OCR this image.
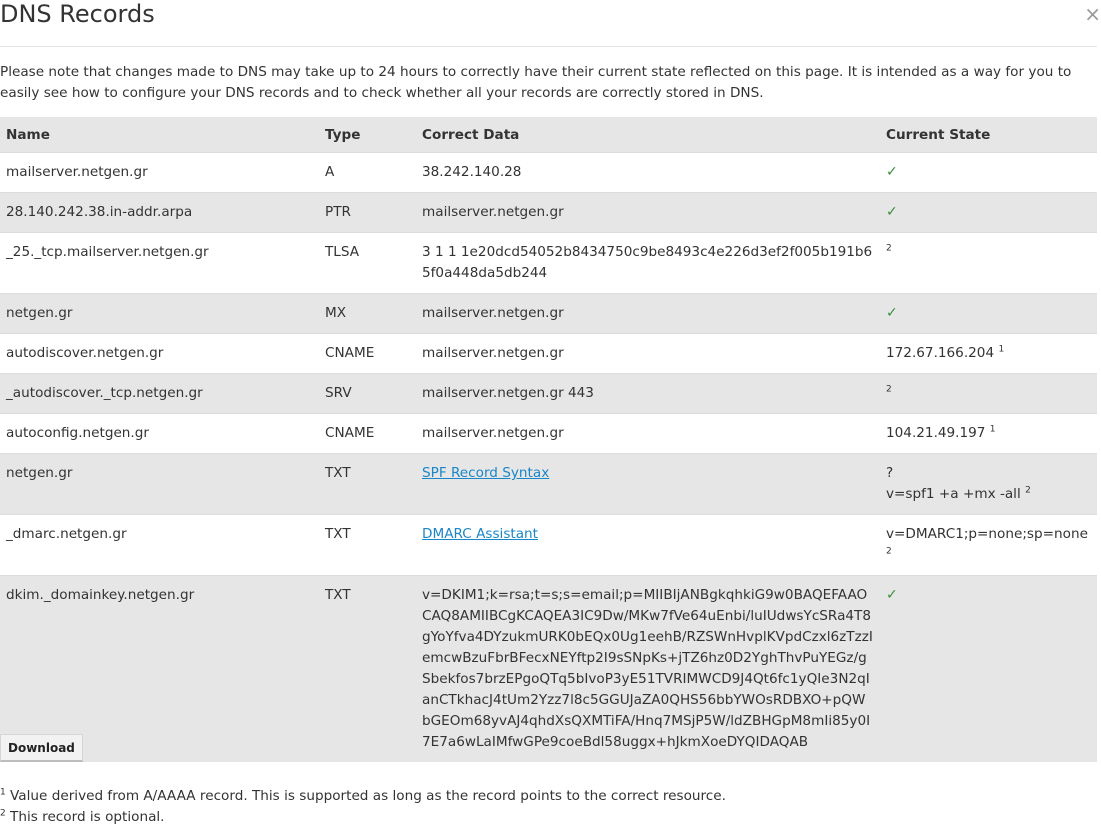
DNS Records	×
Please note that changes made to DNS may take up to 24 hours to correctly have their current state reflected on this page. It is intended as a way for you to easily see how to configure your DNS records and to check whether all your records are correctly stored in DNS.
Name	Type	Correct Data	Current State
mailserver.netgen.gr	A	38.242.140.28	✓
28.140.242.38.in-addr.arpa	PTR	mailserver.netgen.gr	✓
_25._tcp.mailserver.netgen.gr	TLSA	3 1 1 1e20dcd54052b8434750c9be8493c4e226d3ef2f005b191b65f0a448da5db244	$^2$
netgen.gr	MX	mailserver.netgen.gr	✓
autodiscover.netgen.gr	CNAME	mailserver.netgen.gr	172.67.166.204 $^1$
_autodiscover._tcp.netgen.gr	SRV	mailserver.netgen.gr 443	$^2$
autoconfig.netgen.gr	CNAME	mailserver.netgen.gr	104.21.49.197 $^1$
netgen.gr	TXT	SPF Record Syntax	?
v=spf1 +a +mx -all $^2$
_dmarc.netgen.gr	TXT	DMARC Assistant	v=DMARC1;p=none;sp=none $^2$
dkim._domainkey.netgen.gr	TXT	v=DKIM1;k=rsa;t=s;s=email;p=MIIBIjANBgkqhkiG9w0BAQEFAAOCAQ8AMIIBCgKCAQEA3IC9Dw/MKw7fVe64uEnbi/luIUdwsYcSRa4T8gYoYfva4DYzukmURK0bEQx0Ug1eehB/RZSWnHvplKVpdCzxl6zTzzIemcwBzuFbrBFecxNEYftp2I9sSNpKs+jTZ6hz0D2YghThvPuYEGz/gSbekfos7brzEPgoQTq5bIvoP3yE51TVRIMWCD9J4Qt6fc1yQIe3N2qIanCTkhacJ4tUm2Yzz7l8c5GGUJaZA0QHS56bbYWOsRDBXO+pQWbGEOm68yvAJ4qhdXsQXMTiFA/Hnq7MSjP5W/ldZBHGpM8mIi85y0I7E7a6wLaIMfwGPe9coeBdl58uggx+hJkmXoeDYQIDAQAB	✓
Download
$^1$ Value derived from A/AAAA record. This is supported as long as the record points to the correct resource.
$^2$ This record is optional.
